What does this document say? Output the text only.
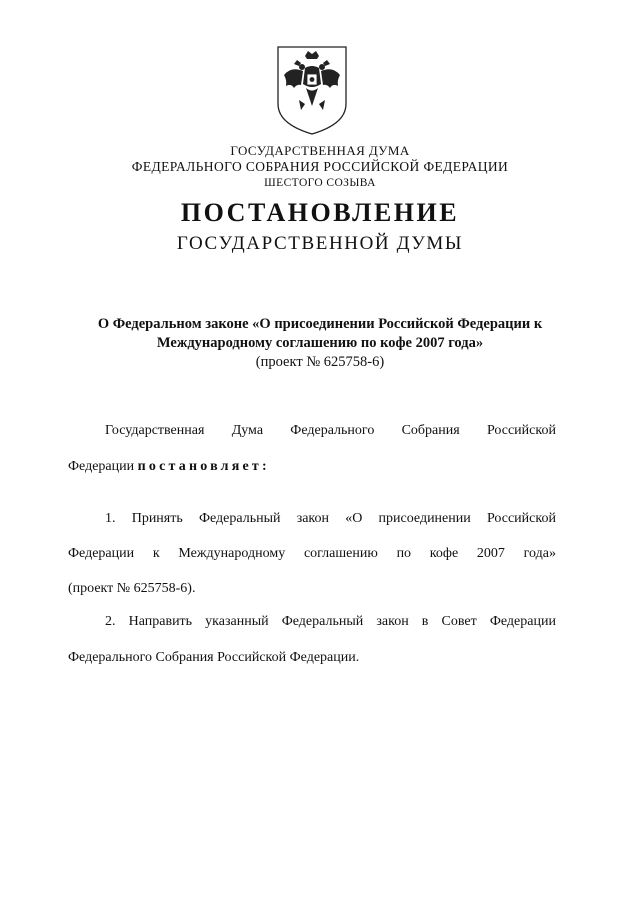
ГОСУДАРСТВЕННАЯ ДУМА
ФЕДЕРАЛЬНОГО СОБРАНИЯ РОССИЙСКОЙ ФЕДЕРАЦИИ
ШЕСТОГО СОЗЫВА
ПОСТАНОВЛЕНИЕ
ГОСУДАРСТВЕННОЙ ДУМЫ
О Федеральном законе «О присоединении Российской Федерации к
Международному соглашению по кофе 2007 года»
(проект № 625758-6)
Государственная Дума Федерального Собрания Российской
Федерации постановляет:
1. Принять Федеральный закон «О присоединении Российской
Федерации к Международному соглашению по кофе 2007 года»
(проект № 625758-6).
2. Направить указанный Федеральный закон в Совет Федерации
Федерального Собрания Российской Федерации.
